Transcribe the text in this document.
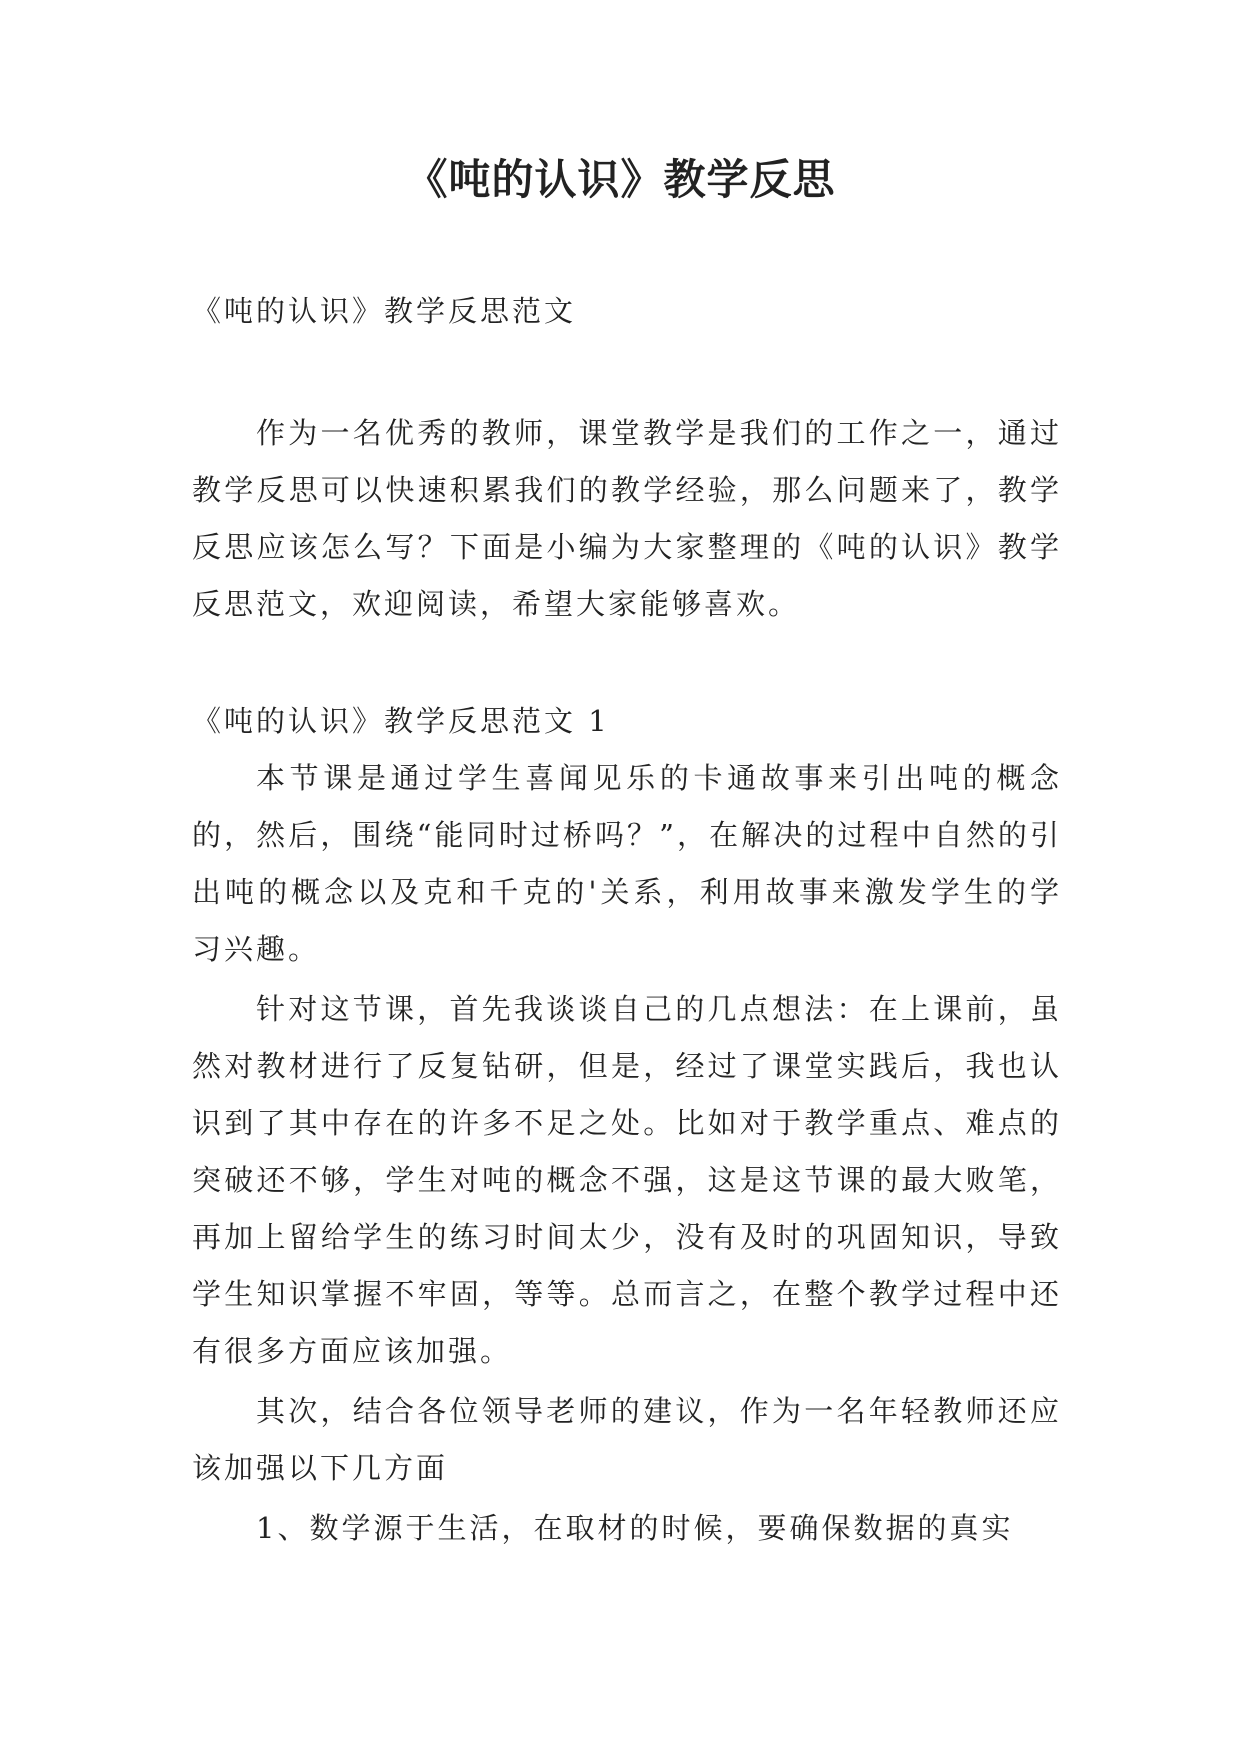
《吨的认识》教学反思

《吨的认识》教学反思范文

作为一名优秀的教师，课堂教学是我们的工作之一，通过教学反思可以快速积累我们的教学经验，那么问题来了，教学反思应该怎么写？下面是小编为大家整理的《吨的认识》教学反思范文，欢迎阅读，希望大家能够喜欢。

《吨的认识》教学反思范文 1

本节课是通过学生喜闻见乐的卡通故事来引出吨的概念的，然后，围绕“能同时过桥吗？”，在解决的过程中自然的引出吨的概念以及克和千克的'关系，利用故事来激发学生的学习兴趣。

针对这节课，首先我谈谈自己的几点想法：在上课前，虽然对教材进行了反复钻研，但是，经过了课堂实践后，我也认识到了其中存在的许多不足之处。比如对于教学重点、难点的突破还不够，学生对吨的概念不强，这是这节课的最大败笔，再加上留给学生的练习时间太少，没有及时的巩固知识，导致学生知识掌握不牢固，等等。总而言之，在整个教学过程中还有很多方面应该加强。

其次，结合各位领导老师的建议，作为一名年轻教师还应该加强以下几方面

1、数学源于生活，在取材的时候，要确保数据的真实
